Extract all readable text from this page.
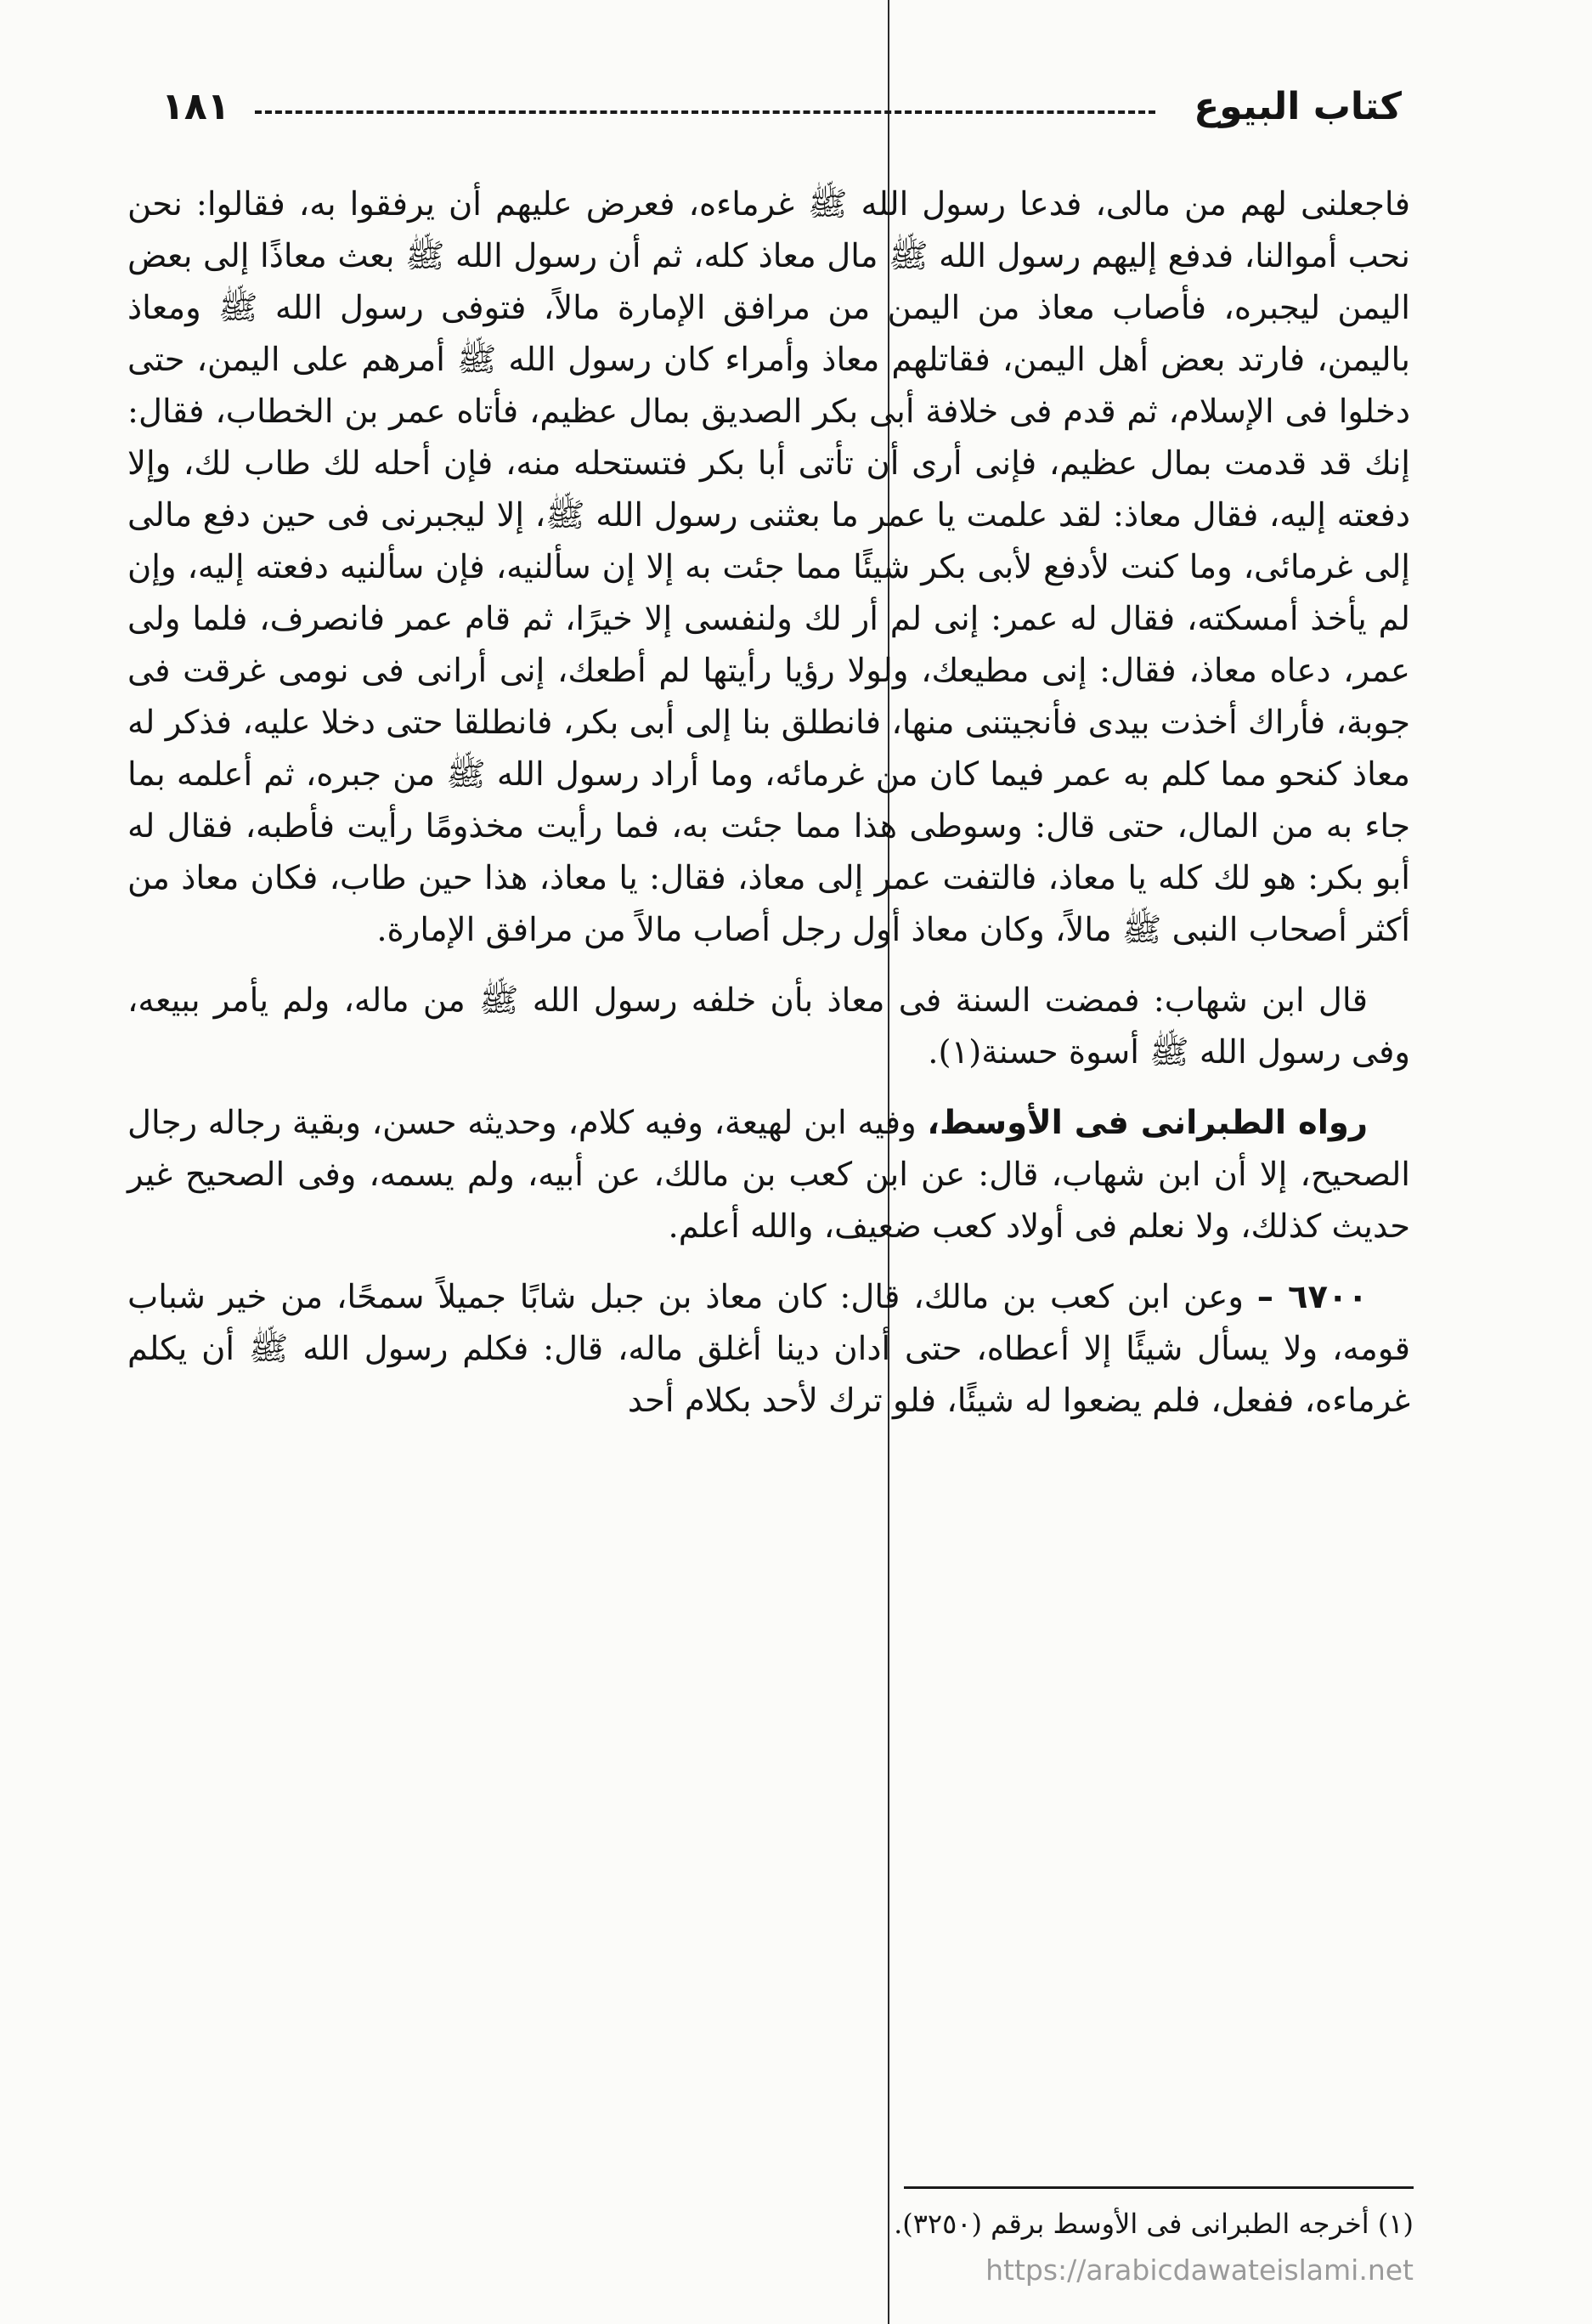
كتاب البيوع
١٨١

فاجعلنى لهم من مالى، فدعا رسول الله ﷺ غرماءه، فعرض عليهم أن يرفقوا به، فقالوا: نحن نحب أموالنا، فدفع إليهم رسول الله ﷺ مال معاذ كله، ثم أن رسول الله ﷺ بعث معاذًا إلى بعض اليمن ليجبره، فأصاب معاذ من اليمن من مرافق الإمارة مالاً، فتوفى رسول الله ﷺ ومعاذ باليمن، فارتد بعض أهل اليمن، فقاتلهم معاذ وأمراء كان رسول الله ﷺ أمرهم على اليمن، حتى دخلوا فى الإسلام، ثم قدم فى خلافة أبى بكر الصديق بمال عظيم، فأتاه عمر بن الخطاب، فقال: إنك قد قدمت بمال عظيم، فإنى أرى أن تأتى أبا بكر فتستحله منه، فإن أحله لك طاب لك، وإلا دفعته إليه، فقال معاذ: لقد علمت يا عمر ما بعثنى رسول الله ﷺ، إلا ليجبرنى فى حين دفع مالى إلى غرمائى، وما كنت لأدفع لأبى بكر شيئًا مما جئت به إلا إن سألنيه، فإن سألنيه دفعته إليه، وإن لم يأخذ أمسكته، فقال له عمر: إنى لم أر لك ولنفسى إلا خيرًا، ثم قام عمر فانصرف، فلما ولى عمر، دعاه معاذ، فقال: إنى مطيعك، ولولا رؤيا رأيتها لم أطعك، إنى أرانى فى نومى غرقت فى جوبة، فأراك أخذت بيدى فأنجيتنى منها، فانطلق بنا إلى أبى بكر، فانطلقا حتى دخلا عليه، فذكر له معاذ كنحو مما كلم به عمر فيما كان من غرمائه، وما أراد رسول الله ﷺ من جبره، ثم أعلمه بما جاء به من المال، حتى قال: وسوطى هذا مما جئت به، فما رأيت مخذومًا رأيت فأطبه، فقال له أبو بكر: هو لك كله يا معاذ، فالتفت عمر إلى معاذ، فقال: يا معاذ، هذا حين طاب، فكان معاذ من أكثر أصحاب النبى ﷺ مالاً، وكان معاذ أول رجل أصاب مالاً من مرافق الإمارة.

قال ابن شهاب: فمضت السنة فى معاذ بأن خلفه رسول الله ﷺ من ماله، ولم يأمر ببيعه، وفى رسول الله ﷺ أسوة حسنة(١).

رواه الطبرانى فى الأوسط، وفيه ابن لهيعة، وفيه كلام، وحديثه حسن، وبقية رجاله رجال الصحيح، إلا أن ابن شهاب، قال: عن ابن كعب بن مالك، عن أبيه، ولم يسمه، وفى الصحيح غير حديث كذلك، ولا نعلم فى أولاد كعب ضعيف، والله أعلم.

٦٧٠٠ – وعن ابن كعب بن مالك، قال: كان معاذ بن جبل شابًا جميلاً سمحًا، من خير شباب قومه، ولا يسأل شيئًا إلا أعطاه، حتى أدان دينا أغلق ماله، قال: فكلم رسول الله ﷺ أن يكلم غرماءه، ففعل، فلم يضعوا له شيئًا، فلو ترك لأحد بكلام أحد

(١) أخرجه الطبرانى فى الأوسط برقم (٣٢٥٠).
https://arabicdawateislami.net
